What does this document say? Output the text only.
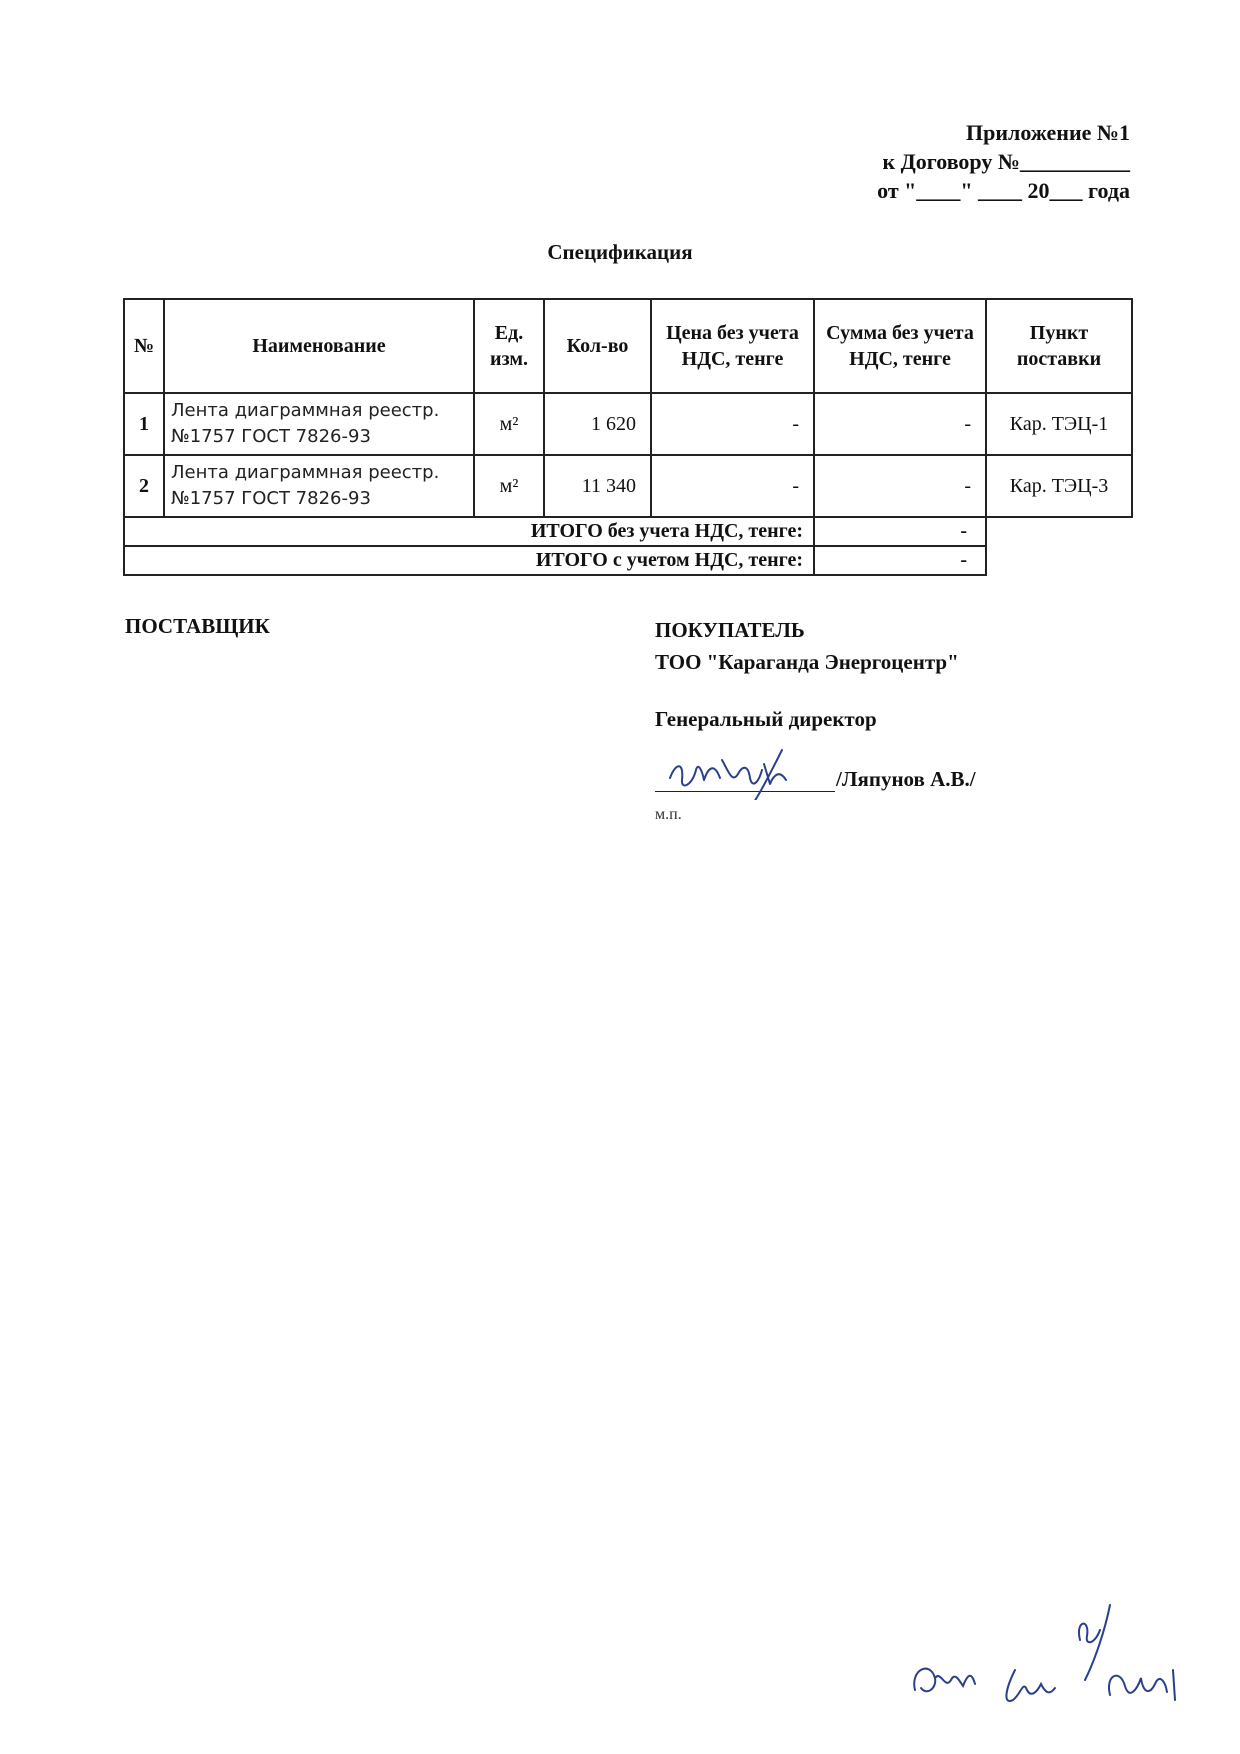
Приложение №1
к Договору №__________
от "____" ____ 20___ года
Спецификация
№	Наименование	Ед. изм.	Кол-во	Цена без учета НДС, тенге	Сумма без учета НДС, тенге	Пункт поставки
1	Лента диаграммная реестр. №1757 ГОСТ 7826-93	м²	1 620	-	-	Кар. ТЭЦ-1
2	Лента диаграммная реестр. №1757 ГОСТ 7826-93	м²	11 340	-	-	Кар. ТЭЦ-3
ИТОГО без учета НДС, тенге:					-	
ИТОГО с учетом НДС, тенге:					-	
ПОСТАВЩИК	ПОКУПАТЕЛЬ
ТОО "Караганда Энергоцентр"
Генеральный директор
/Ляпунов А.В./
м.п.
